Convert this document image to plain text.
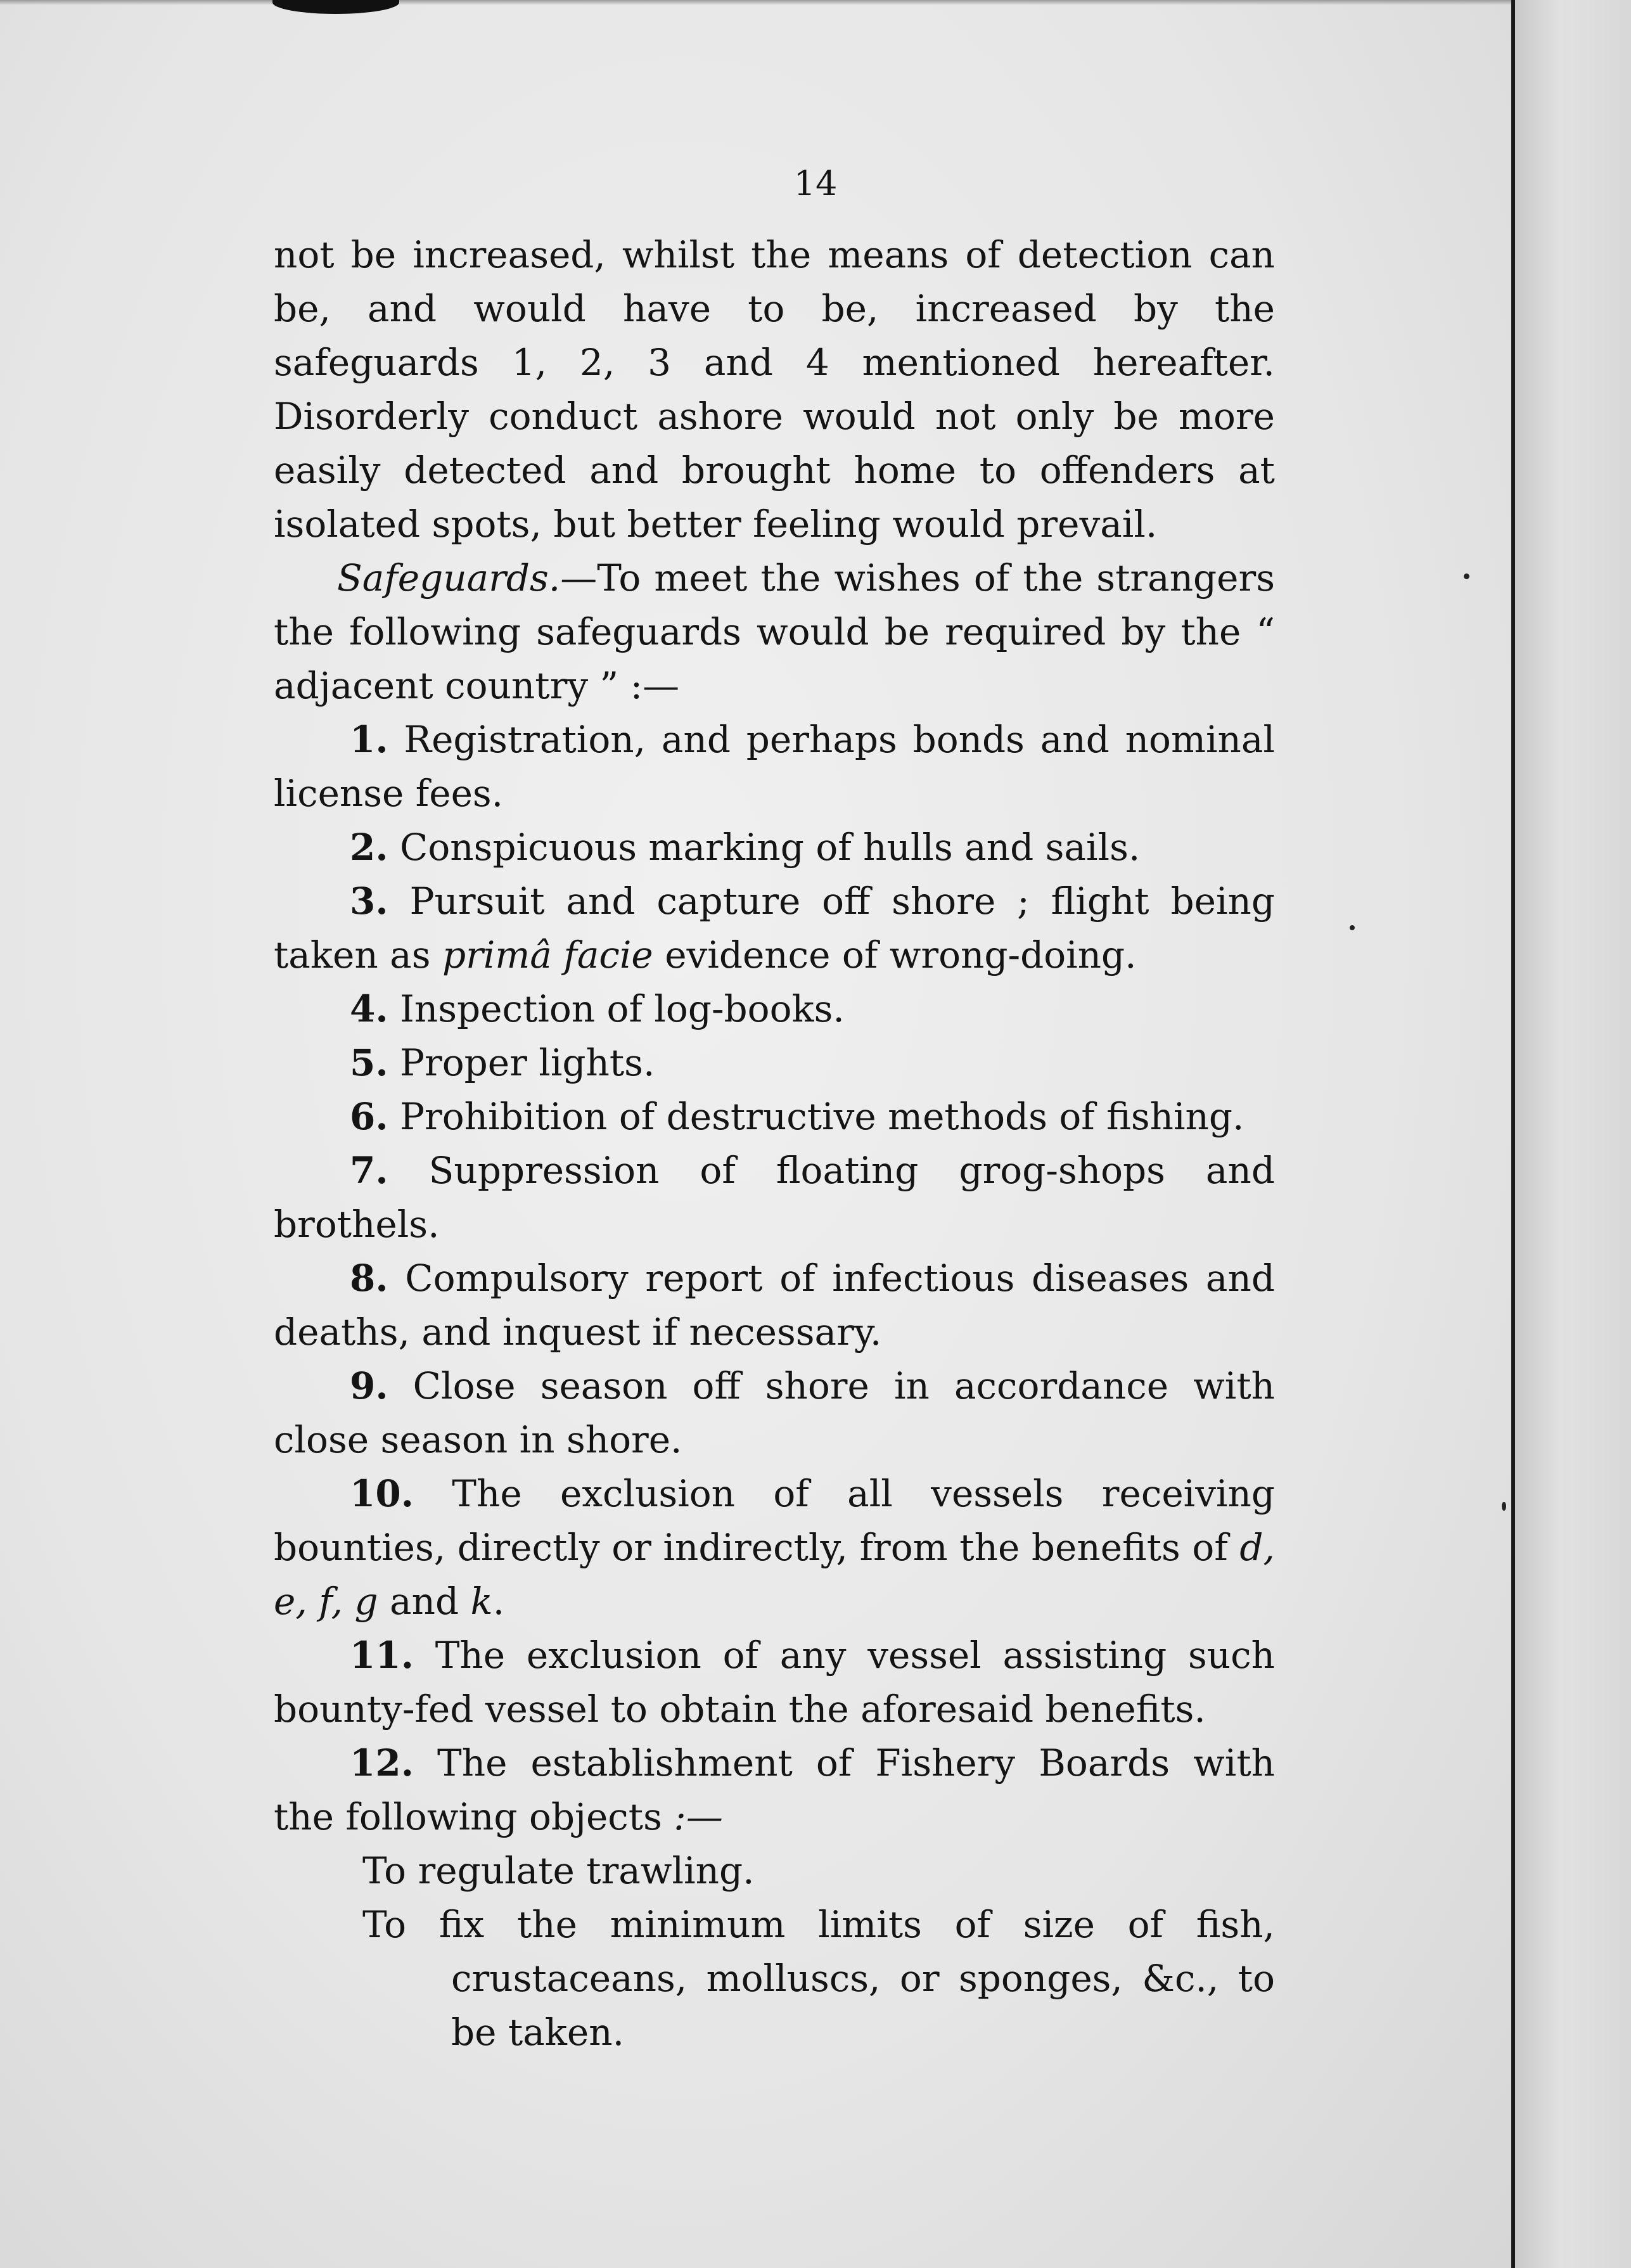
14

not be increased, whilst the means of detection can be, and would have to be, increased by the safeguards 1, 2, 3 and 4 mentioned hereafter. Disorderly conduct ashore would not only be more easily detected and brought home to offenders at isolated spots, but better feeling would prevail.

Safeguards.—To meet the wishes of the strangers the following safeguards would be required by the “ adjacent country ” :—

1. Registration, and perhaps bonds and nominal license fees.

2. Conspicuous marking of hulls and sails.

3. Pursuit and capture off shore ; flight being taken as primâ facie evidence of wrong-doing.

4. Inspection of log-books.

5. Proper lights.

6. Prohibition of destructive methods of fishing.

7. Suppression of floating grog-shops and brothels.

8. Compulsory report of infectious diseases and deaths, and inquest if necessary.

9. Close season off shore in accordance with close season in shore.

10. The exclusion of all vessels receiving bounties, directly or indirectly, from the benefits of d, e, f, g and k.

11. The exclusion of any vessel assisting such bounty-fed vessel to obtain the aforesaid benefits.

12. The establishment of Fishery Boards with the following objects :—

To regulate trawling.

To fix the minimum limits of size of fish, crustaceans, molluscs, or sponges, &c., to be taken.
